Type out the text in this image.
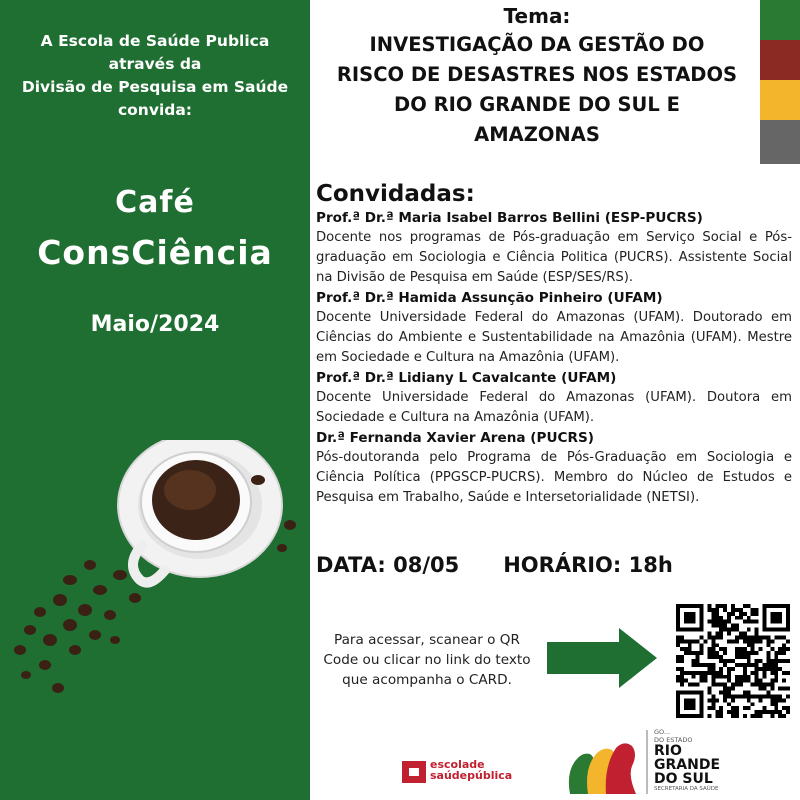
A Escola de Saúde Publica
através da
Divisão de Pesquisa em Saúde
convida:
Café
ConsCiência
Maio/2024
Tema:
INVESTIGAÇÃO DA GESTÃO DO
RISCO DE DESASTRES NOS ESTADOS
DO RIO GRANDE DO SUL E
AMAZONAS
Convidadas:
Prof.ª Dr.ª Maria Isabel Barros Bellini (ESP-PUCRS)
Docente nos programas de Pós-graduação em Serviço Social e Pós-graduação em Sociologia e Ciência Politica (PUCRS). Assistente Social na Divisão de Pesquisa em Saúde (ESP/SES/RS).
Prof.ª Dr.ª Hamida Assunção Pinheiro (UFAM)
Docente Universidade Federal do Amazonas (UFAM). Doutorado em Ciências do Ambiente e Sustentabilidade na Amazônia (UFAM). Mestre em Sociedade e Cultura na Amazônia (UFAM).
Prof.ª Dr.ª Lidiany L Cavalcante (UFAM)
Docente Universidade Federal do Amazonas (UFAM). Doutora em Sociedade e Cultura na Amazônia (UFAM).
Dr.ª Fernanda Xavier Arena (PUCRS)
Pós-doutoranda pelo Programa de Pós-Graduação em Sociologia e Ciência Política (PPGSCP-PUCRS). Membro do Núcleo de Estudos e Pesquisa em Trabalho, Saúde e Intersetorialidade (NETSI).
DATA: 08/05 HORÁRIO: 18h
Para acessar, scanear o QR Code ou clicar no link do texto que acompanha o CARD.
escolade
saúdepública
GO...
DO ESTADO
RIO
GRANDE
DO SUL
SECRETARIA DA SAÚDE
